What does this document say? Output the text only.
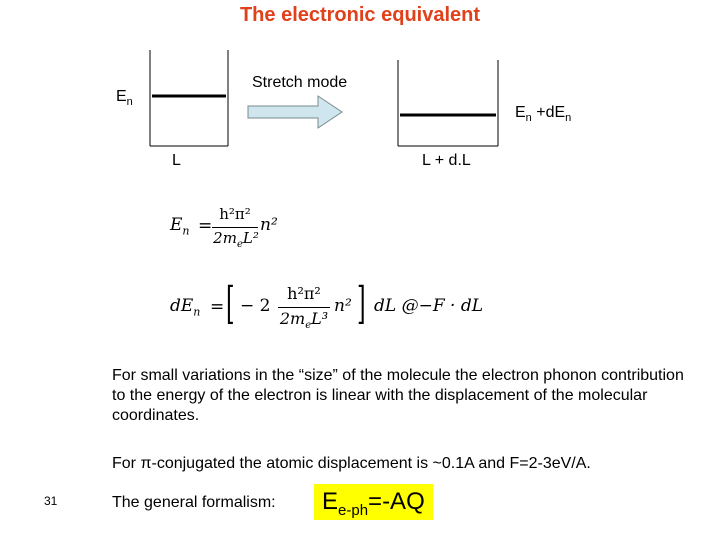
The electronic equivalent
$E_n$
Stretch mode
$E_n +dE_n$
L	L + d.L
$E_n$ =
h²π²
$2m_eL^2$
n²
$dE_n$ = [ − 2
h²π²
$2m_eL^3$
n² ] dL @−F · dL
For small variations in the “size” of the molecule the electron phonon contribution to the energy of the electron is linear with the displacement of the molecular coordinates.
For π-conjugated the atomic displacement is ~0.1A and F=2-3eV/A.
31	The general formalism:	$E_{e-ph}=-AQ$
